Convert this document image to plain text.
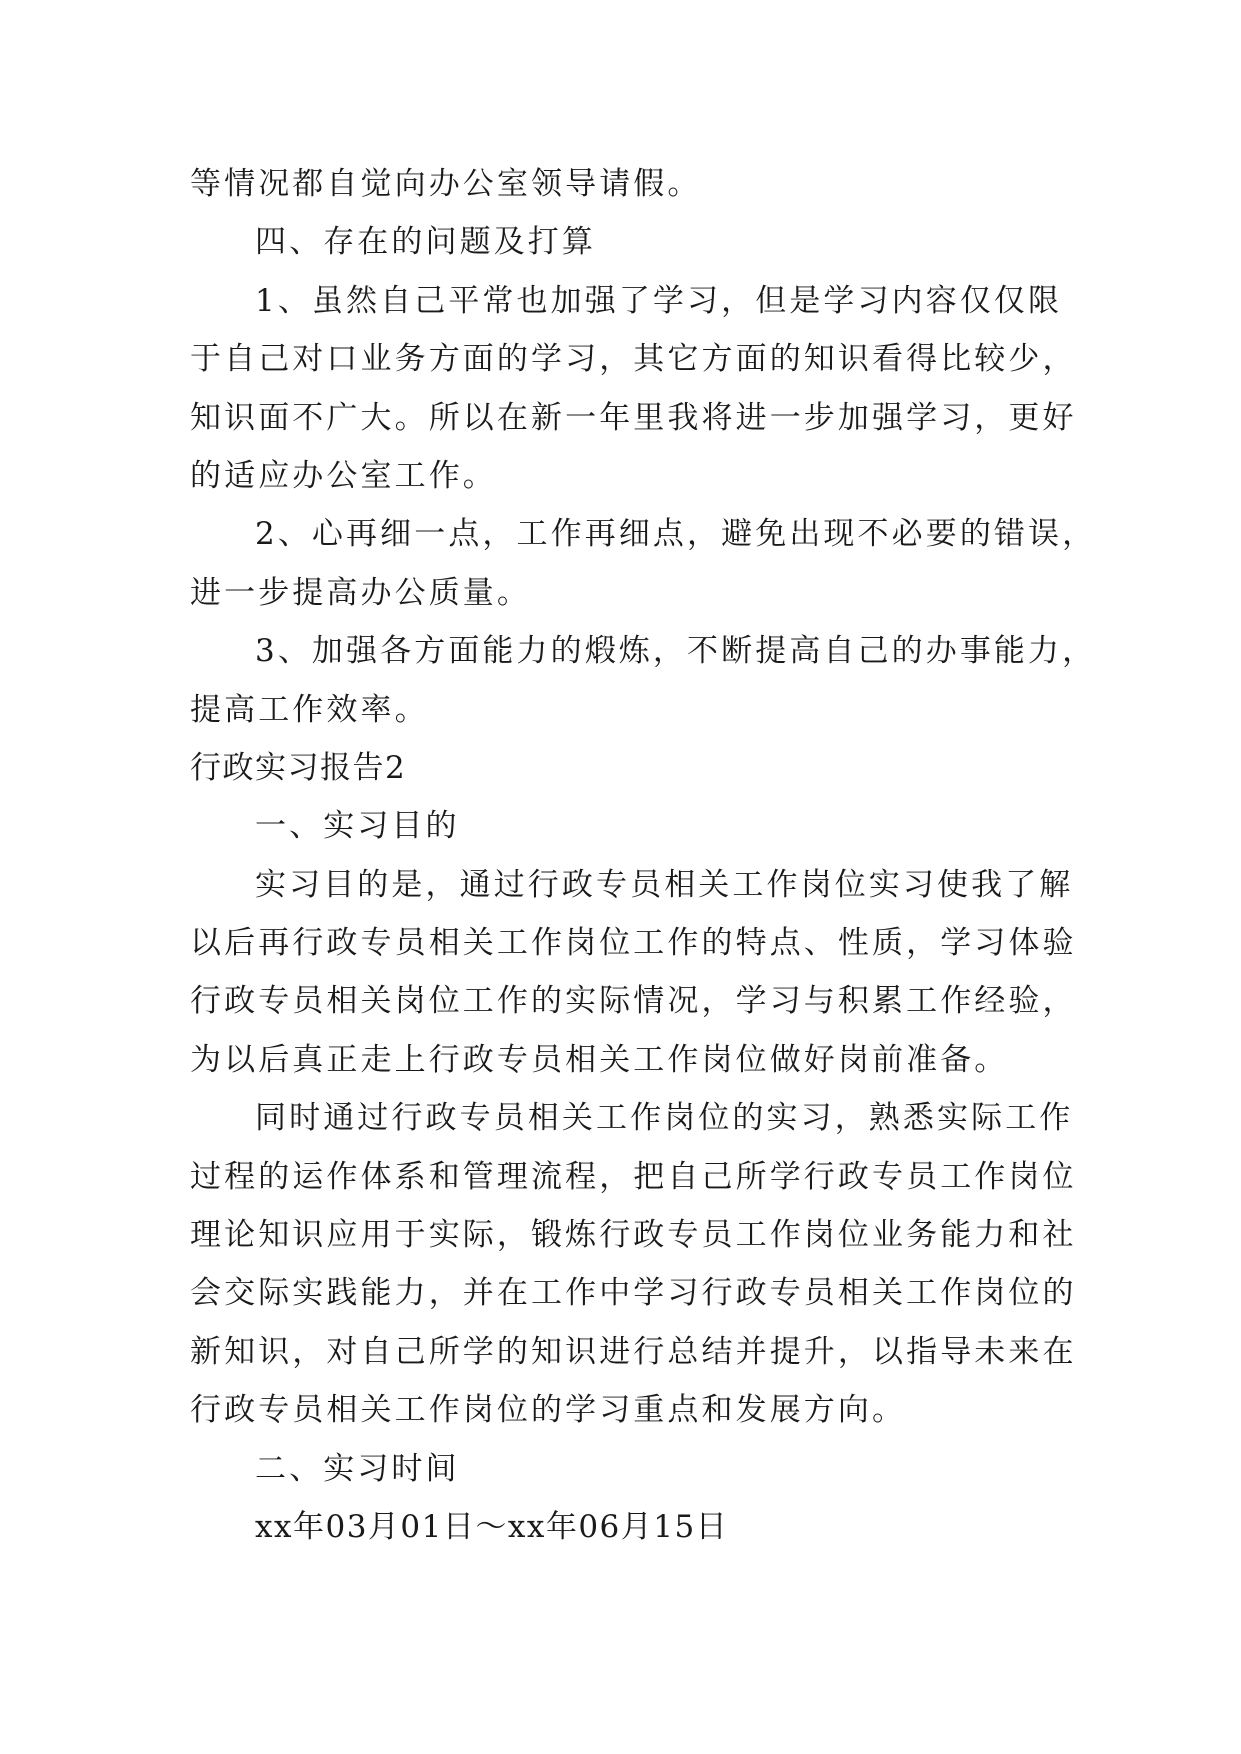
等情况都自觉向办公室领导请假。
四、存在的问题及打算
1、虽然自己平常也加强了学习，但是学习内容仅仅限
于自己对口业务方面的学习，其它方面的知识看得比较少，
知识面不广大。所以在新一年里我将进一步加强学习，更好
的适应办公室工作。
2、心再细一点，工作再细点，避免出现不必要的错误，
进一步提高办公质量。
3、加强各方面能力的煅炼，不断提高自己的办事能力，
提高工作效率。
行政实习报告2
一、实习目的
实习目的是，通过行政专员相关工作岗位实习使我了解
以后再行政专员相关工作岗位工作的特点、性质，学习体验
行政专员相关岗位工作的实际情况，学习与积累工作经验，
为以后真正走上行政专员相关工作岗位做好岗前准备。
同时通过行政专员相关工作岗位的实习，熟悉实际工作
过程的运作体系和管理流程，把自己所学行政专员工作岗位
理论知识应用于实际，锻炼行政专员工作岗位业务能力和社
会交际实践能力，并在工作中学习行政专员相关工作岗位的
新知识，对自己所学的知识进行总结并提升，以指导未来在
行政专员相关工作岗位的学习重点和发展方向。
二、实习时间
xx年03月01日～xx年06月15日
